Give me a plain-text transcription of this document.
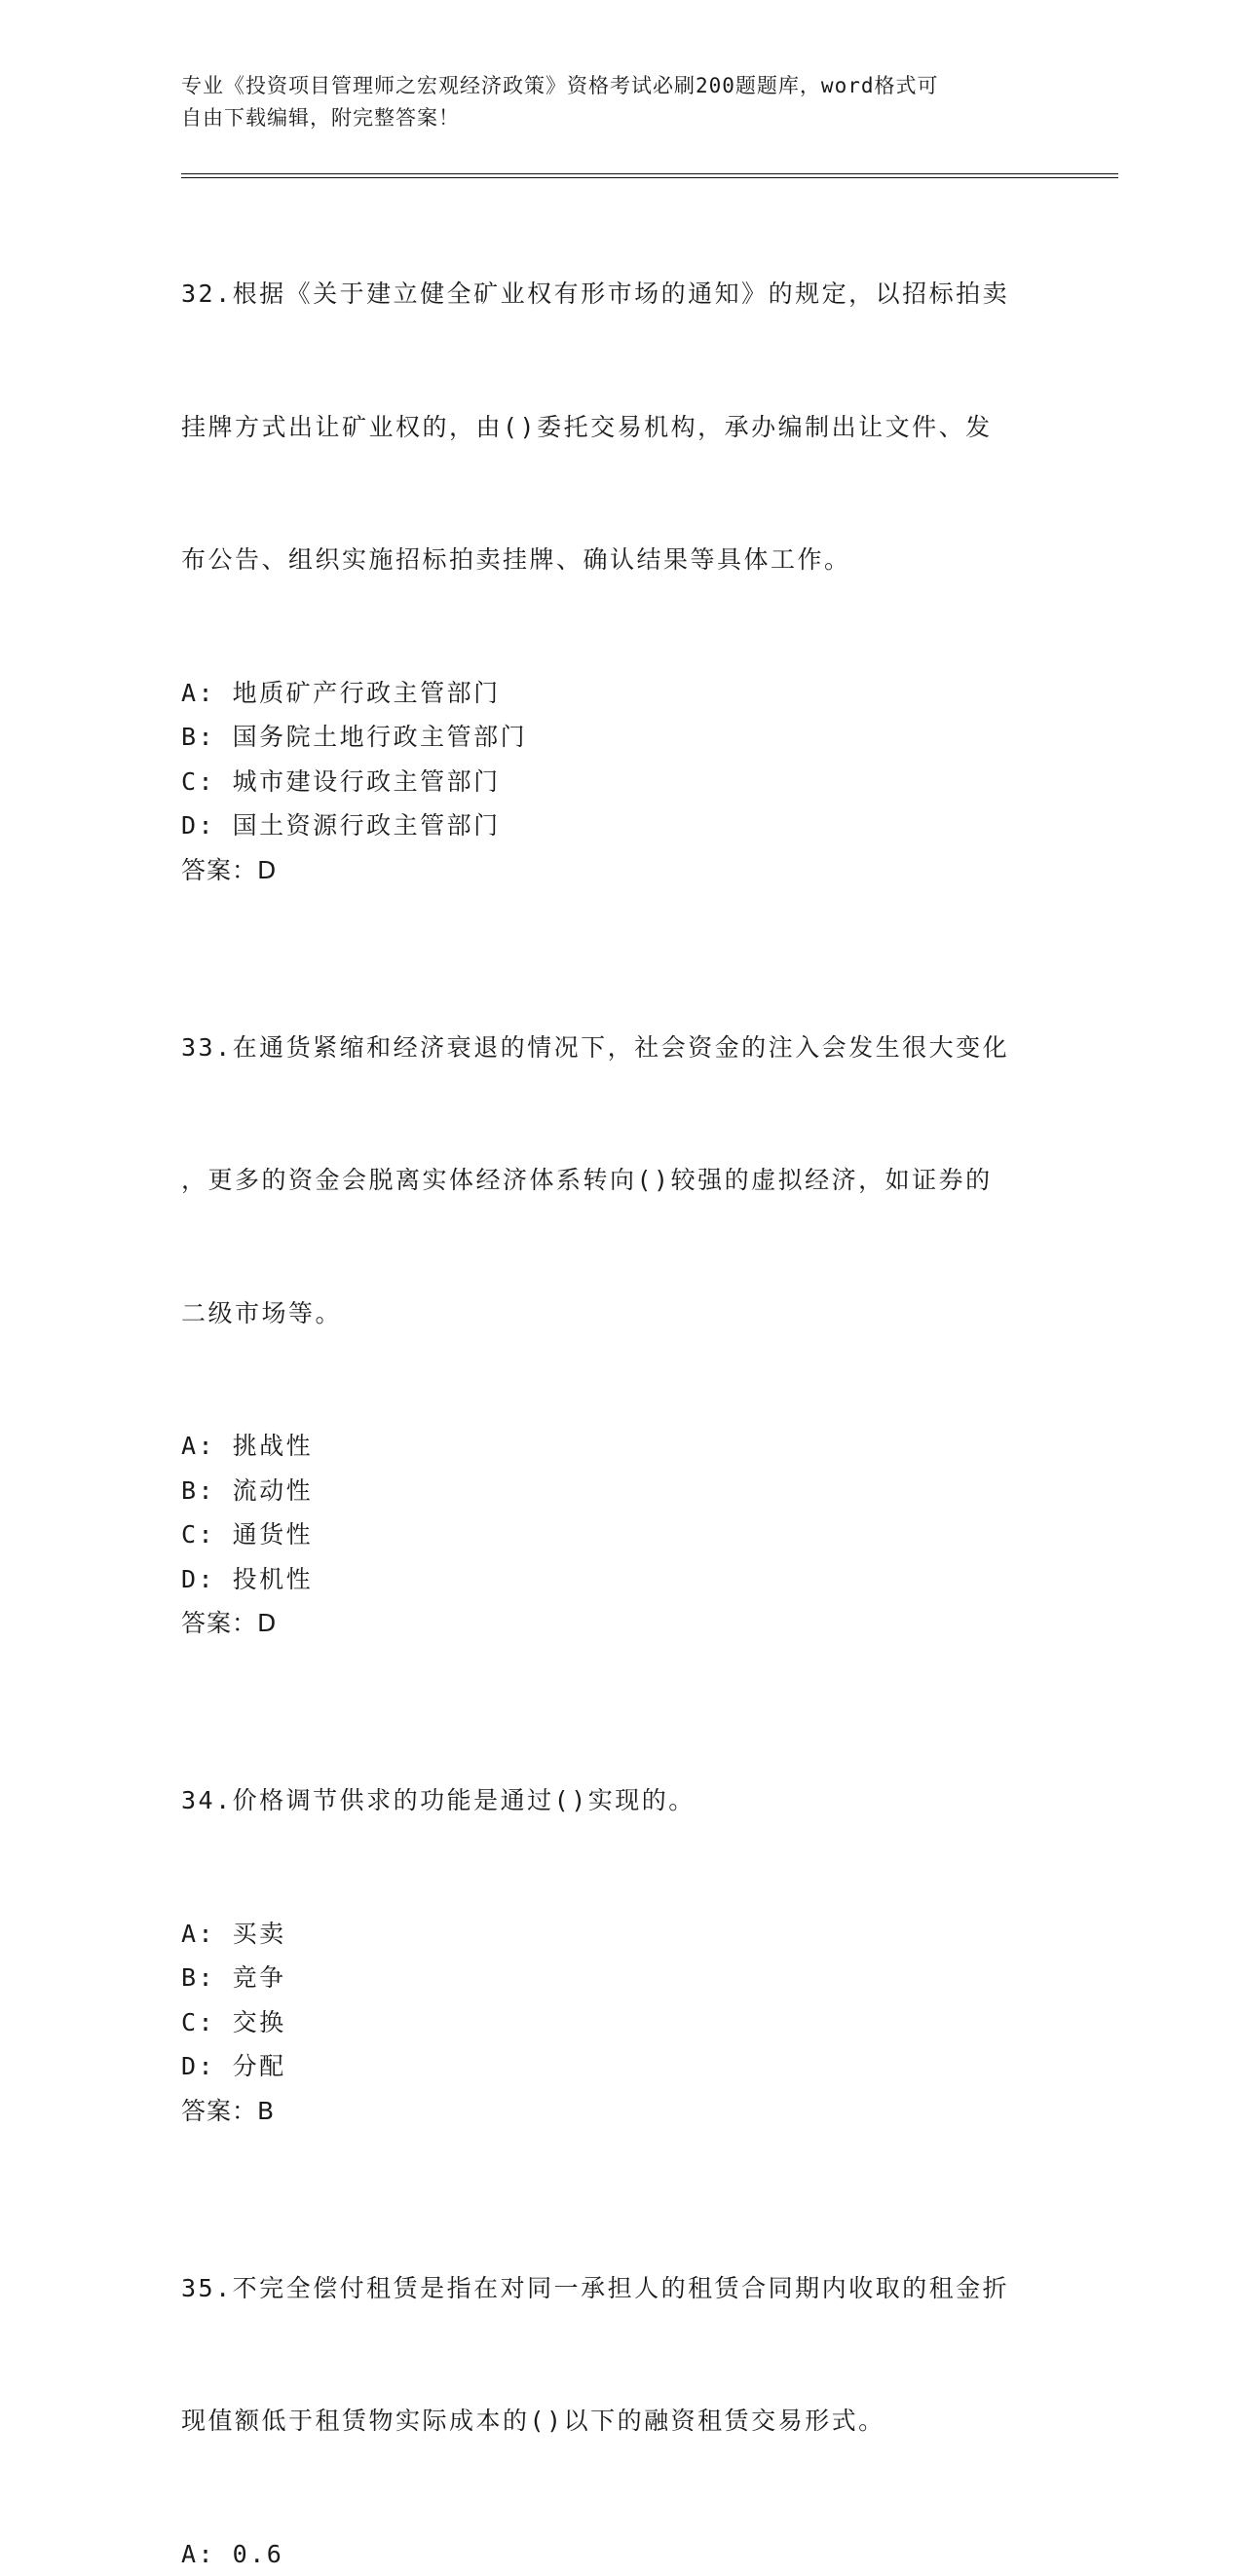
专业《投资项目管理师之宏观经济政策》资格考试必刷200题题库，word格式可
自由下载编辑，附完整答案！

32.根据《关于建立健全矿业权有形市场的通知》的规定，以招标拍卖

挂牌方式出让矿业权的，由()委托交易机构，承办编制出让文件、发

布公告、组织实施招标拍卖挂牌、确认结果等具体工作。

A: 地质矿产行政主管部门
B: 国务院土地行政主管部门
C: 城市建设行政主管部门
D: 国土资源行政主管部门
答案：D

33.在通货紧缩和经济衰退的情况下，社会资金的注入会发生很大变化

，更多的资金会脱离实体经济体系转向()较强的虚拟经济，如证券的

二级市场等。

A: 挑战性
B: 流动性
C: 通货性
D: 投机性
答案：D

34.价格调节供求的功能是通过()实现的。

A: 买卖
B: 竞争
C: 交换
D: 分配
答案：B

35.不完全偿付租赁是指在对同一承担人的租赁合同期内收取的租金折

现值额低于租赁物实际成本的()以下的融资租赁交易形式。

A: 0.6
